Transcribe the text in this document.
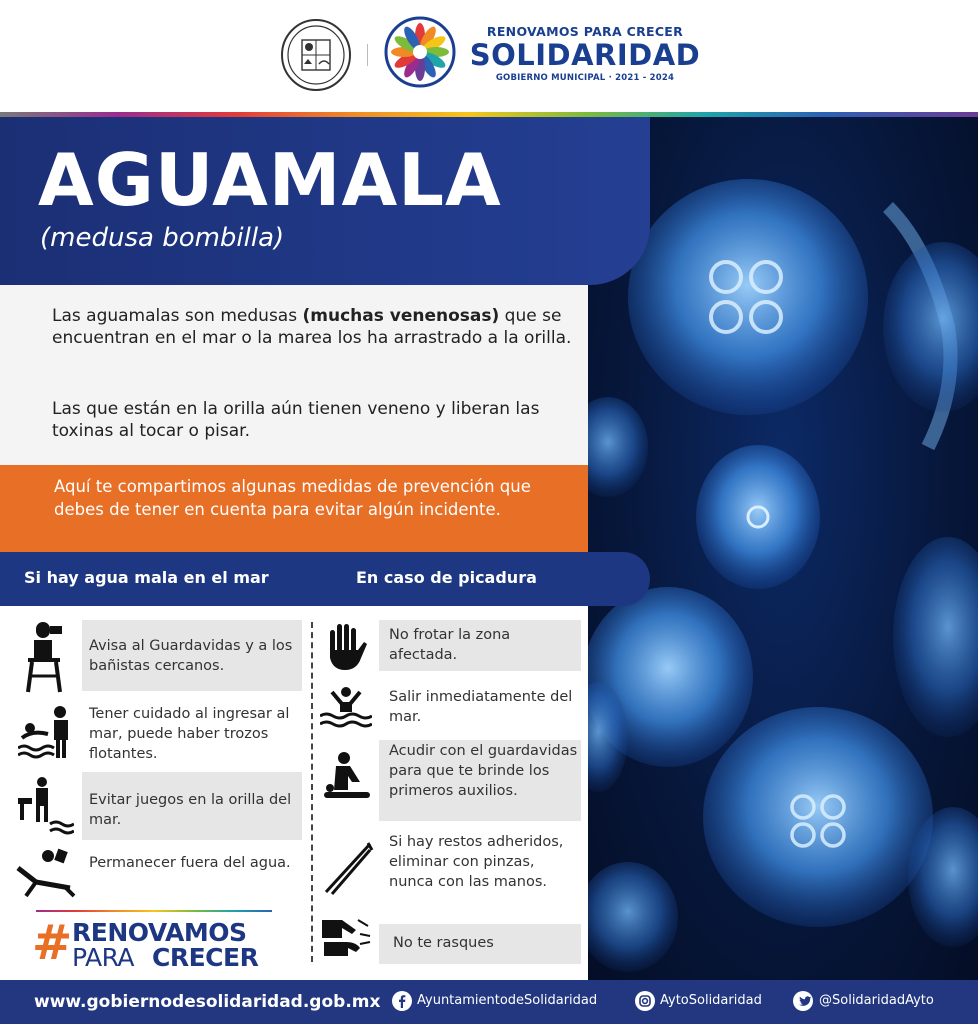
RENOVAMOS PARA CRECER
SOLIDARIDAD
GOBIERNO MUNICIPAL · 2021 - 2024
AGUAMALA
(medusa bombilla)

Las aguamalas son medusas (muchas venenosas) que se encuentran en el mar o la marea los ha arrastrado a la orilla.

Las que están en la orilla aún tienen veneno y liberan las toxinas al tocar o pisar.

Aquí te compartimos algunas medidas de prevención que debes de tener en cuenta para evitar algún incidente.

Si hay agua mala en el mar	En caso de picadura
Avisa al Guardavidas y a los bañistas cercanos.
Tener cuidado al ingresar al mar, puede haber trozos flotantes.
Evitar juegos en la orilla del mar.
Permanecer fuera del agua.
No frotar la zona afectada.
Salir inmediatamente del mar.
Acudir con el guardavidas para que te brinde los primeros auxilios.
Si hay restos adheridos, eliminar con pinzas, nunca con las manos.
No te rasques
# RENOVAMOS
PARA CRECER
www.gobiernodesolidaridad.gob.mx	AyuntamientodeSolidaridad	AytoSolidaridad	@SolidaridadAyto
